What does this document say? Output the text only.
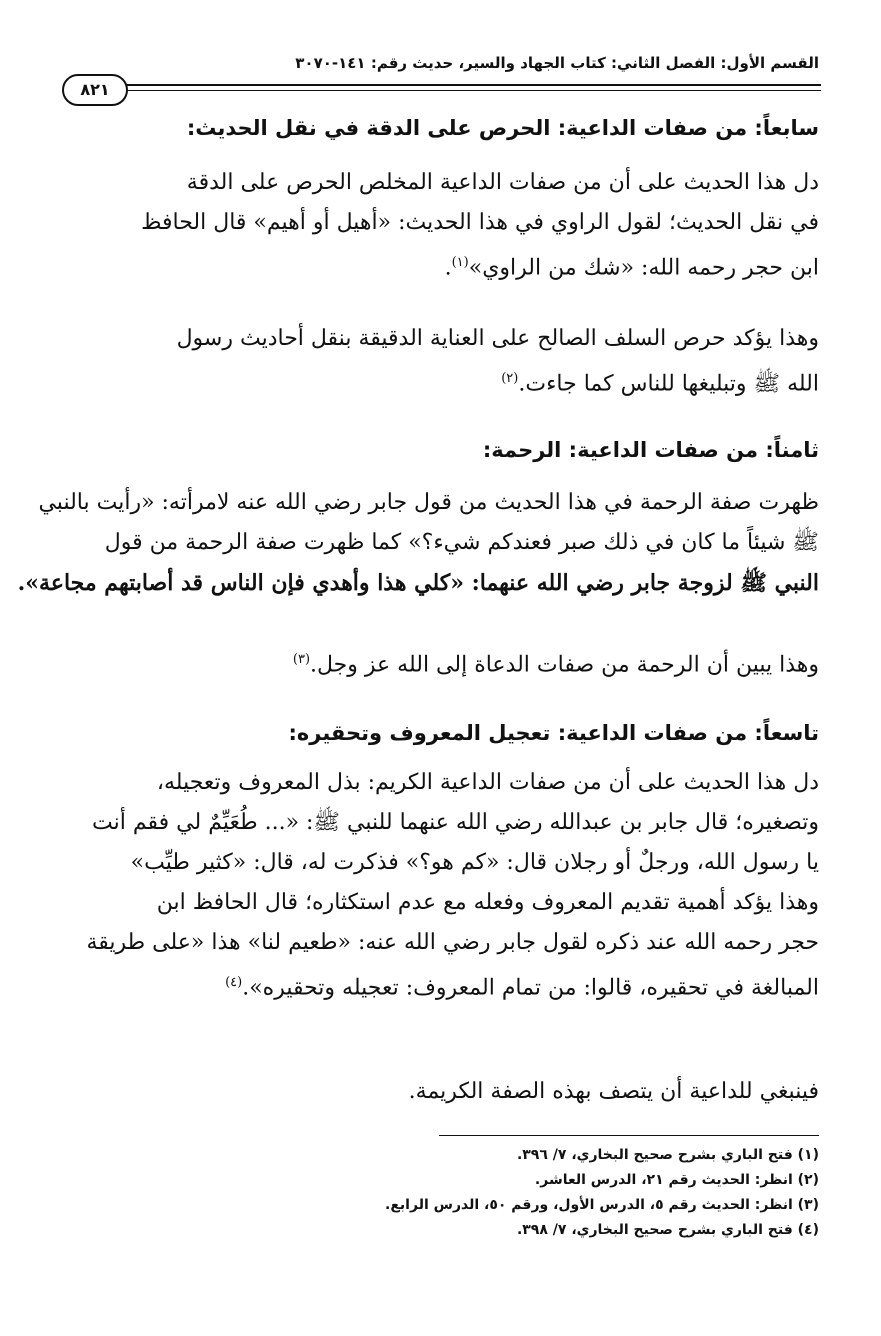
القسم الأول: الفصل الثاني: كتاب الجهاد والسير، حديث رقم: ١٤١-٣٠٧٠
٨٢١
سابعاً: من صفات الداعية: الحرص على الدقة في نقل الحديث:
دل هذا الحديث على أن من صفات الداعية المخلص الحرص على الدقة
في نقل الحديث؛ لقول الراوي في هذا الحديث: «أهيل أو أهيم» قال الحافظ
ابن حجر رحمه الله: «شك من الراوي»$^{(١)}$.
وهذا يؤكد حرص السلف الصالح على العناية الدقيقة بنقل أحاديث رسول
الله ﷺ وتبليغها للناس كما جاءت.$^{(٢)}$
ثامناً: من صفات الداعية: الرحمة:
ظهرت صفة الرحمة في هذا الحديث من قول جابر رضي الله عنه لامرأته: «رأيت بالنبي
ﷺ شيئاً ما كان في ذلك صبر فعندكم شيء؟» كما ظهرت صفة الرحمة من قول
النبي ﷺ لزوجة جابر رضي الله عنهما: «كلي هذا وأهدي فإن الناس قد أصابتهم مجاعة».
وهذا يبين أن الرحمة من صفات الدعاة إلى الله عز وجل.$^{(٣)}$
تاسعاً: من صفات الداعية: تعجيل المعروف وتحقيره:
دل هذا الحديث على أن من صفات الداعية الكريم: بذل المعروف وتعجيله،
وتصغيره؛ قال جابر بن عبدالله رضي الله عنهما للنبي ﷺ: «... طُعَيِّمٌ لي فقم أنت
يا رسول الله، ورجلٌ أو رجلان قال: «كم هو؟» فذكرت له، قال: «كثير طيِّب»
وهذا يؤكد أهمية تقديم المعروف وفعله مع عدم استكثاره؛ قال الحافظ ابن
حجر رحمه الله عند ذكره لقول جابر رضي الله عنه: «طعيم لنا» هذا «على طريقة
المبالغة في تحقيره، قالوا: من تمام المعروف: تعجيله وتحقيره».$^{(٤)}$
فينبغي للداعية أن يتصف بهذه الصفة الكريمة.
(١) فتح الباري بشرح صحيح البخاري، ٧/ ٣٩٦.
(٢) انظر: الحديث رقم ٢١، الدرس العاشر.
(٣) انظر: الحديث رقم ٥، الدرس الأول، ورقم ٥٠، الدرس الرابع.
(٤) فتح الباري بشرح صحيح البخاري، ٧/ ٣٩٨.
